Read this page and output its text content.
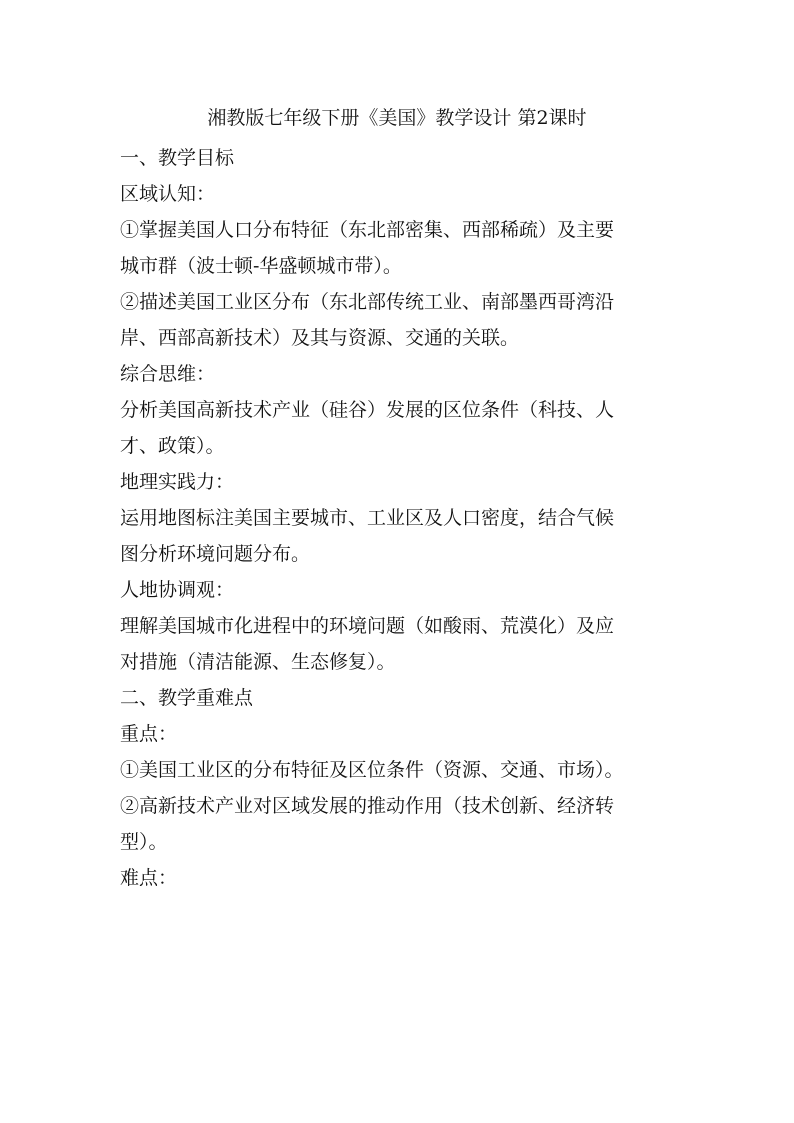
湘教版七年级下册《美国》教学设计 第2课时
一、教学目标
区域认知：
①掌握美国人口分布特征（东北部密集、西部稀疏）及主要
城市群（波士顿-华盛顿城市带）。
②描述美国工业区分布（东北部传统工业、南部墨西哥湾沿
岸、西部高新技术）及其与资源、交通的关联。
综合思维：
分析美国高新技术产业（硅谷）发展的区位条件（科技、人
才、政策）。
地理实践力：
运用地图标注美国主要城市、工业区及人口密度，结合气候
图分析环境问题分布。
人地协调观：
理解美国城市化进程中的环境问题（如酸雨、荒漠化）及应
对措施（清洁能源、生态修复）。
二、教学重难点
重点：
①美国工业区的分布特征及区位条件（资源、交通、市场）。
②高新技术产业对区域发展的推动作用（技术创新、经济转
型）。
难点：
